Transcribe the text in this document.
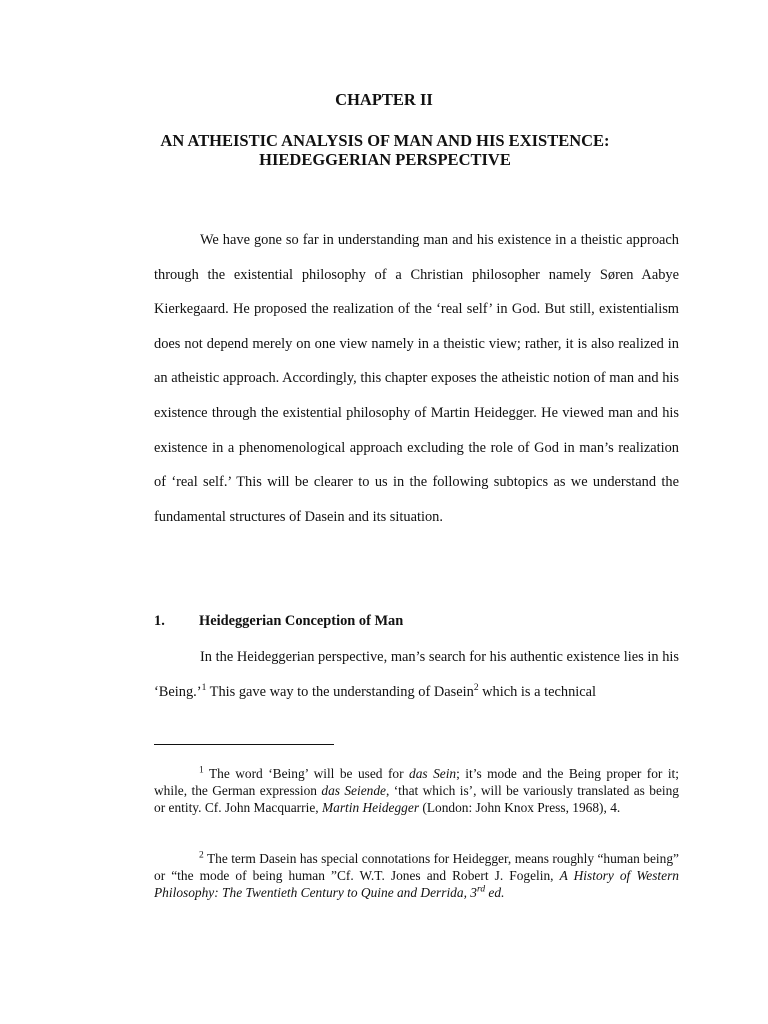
CHAPTER II
AN ATHEISTIC ANALYSIS OF MAN AND HIS EXISTENCE:
HIEDEGGERIAN PERSPECTIVE

We have gone so far in understanding man and his existence in a theistic approach through the existential philosophy of a Christian philosopher namely Søren Aabye Kierkegaard. He proposed the realization of the ‘real self’ in God. But still, existentialism does not depend merely on one view namely in a theistic view; rather, it is also realized in an atheistic approach. Accordingly, this chapter exposes the atheistic notion of man and his existence through the existential philosophy of Martin Heidegger. He viewed man and his existence in a phenomenological approach excluding the role of God in man’s realization of ‘real self.’ This will be clearer to us in the following subtopics as we understand the fundamental structures of Dasein and its situation.

1. Heideggerian Conception of Man

In the Heideggerian perspective, man’s search for his authentic existence lies in his ‘Being.’$^1$ This gave way to the understanding of Dasein$^2$ which is a technical

$^1$ The word ‘Being’ will be used for das Sein; it’s mode and the Being proper for it; while, the German expression das Seiende, ‘that which is’, will be variously translated as being or entity. Cf. John Macquarrie, Martin Heidegger (London: John Knox Press, 1968), 4.

$^2$ The term Dasein has special connotations for Heidegger, means roughly “human being” or “the mode of being human ”Cf. W.T. Jones and Robert J. Fogelin, A History of Western Philosophy: The Twentieth Century to Quine and Derrida, 3rd ed.
